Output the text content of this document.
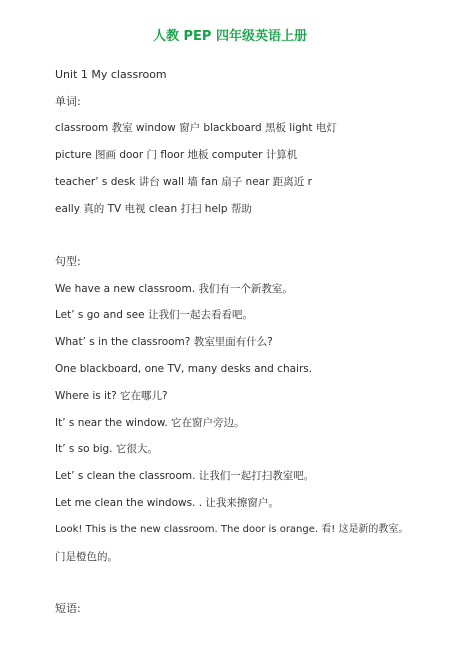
人教 PEP 四年级英语上册
Unit 1 My classroom
单词:
classroom 教室 window 窗户 blackboard 黑板 light 电灯
picture 图画 door 门 floor 地板 computer 计算机
teacher’ s desk 讲台 wall 墙 fan 扇子 near 距离近 r
eally 真的 TV 电视 clean 打扫 help 帮助
句型:
We have a new classroom. 我们有一个新教室。
Let’ s go and see 让我们一起去看看吧。
What’ s in the classroom? 教室里面有什么?
One blackboard, one TV, many desks and chairs.
Where is it? 它在哪儿?
It’ s near the window. 它在窗户旁边。
It’ s so big. 它很大。
Let’ s clean the classroom. 让我们一起打扫教室吧。
Let me clean the windows. . 让我来擦窗户。
Look! This is the new classroom. The door is orange. 看! 这是新的教室。
门是橙色的。
短语:
